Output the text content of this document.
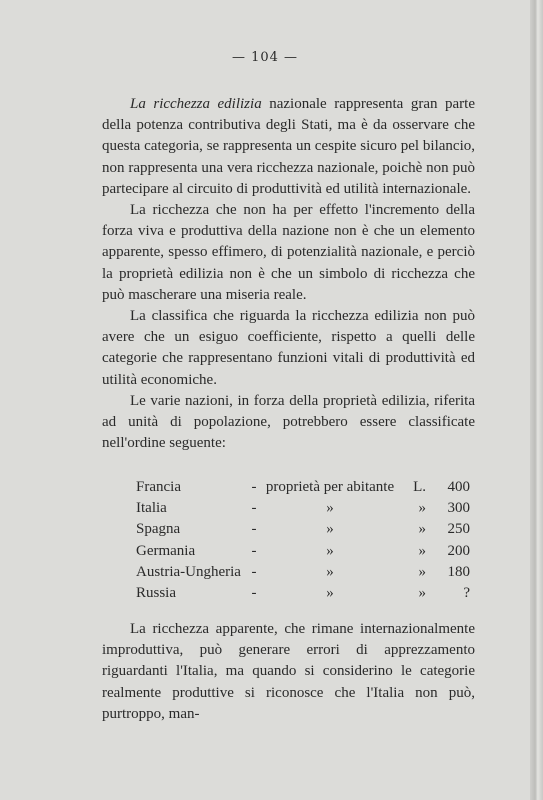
— 104 —

La ricchezza edilizia nazionale rappresenta gran parte della potenza contributiva degli Stati, ma è da osservare che questa categoria, se rappresenta un cespite sicuro pel bilancio, non rappresenta una vera ricchezza nazionale, poichè non può partecipare al circuito di produttività ed utilità internazionale.

La ricchezza che non ha per effetto l'incremento della forza viva e produttiva della nazione non è che un elemento apparente, spesso effimero, di potenzialità nazionale, e perciò la proprietà edilizia non è che un simbolo di ricchezza che può mascherare una miseria reale.

La classifica che riguarda la ricchezza edilizia non può avere che un esiguo coefficiente, rispetto a quelli delle categorie che rappresentano funzioni vitali di produttività ed utilità economiche.

Le varie nazioni, in forza della proprietà edilizia, riferita ad unità di popolazione, potrebbero essere classificate nell'ordine seguente:

Francia	-	proprietà per abitante	L.	400
Italia	-	»	»	300
Spagna	-	»	»	250
Germania	-	»	»	200
Austria-Ungheria	-	»	»	180
Russia	-	»	»	?

La ricchezza apparente, che rimane internazionalmente improduttiva, può generare errori di apprezzamento riguardanti l'Italia, ma quando si considerino le categorie realmente produttive si riconosce che l'Italia non può, purtroppo, man-
